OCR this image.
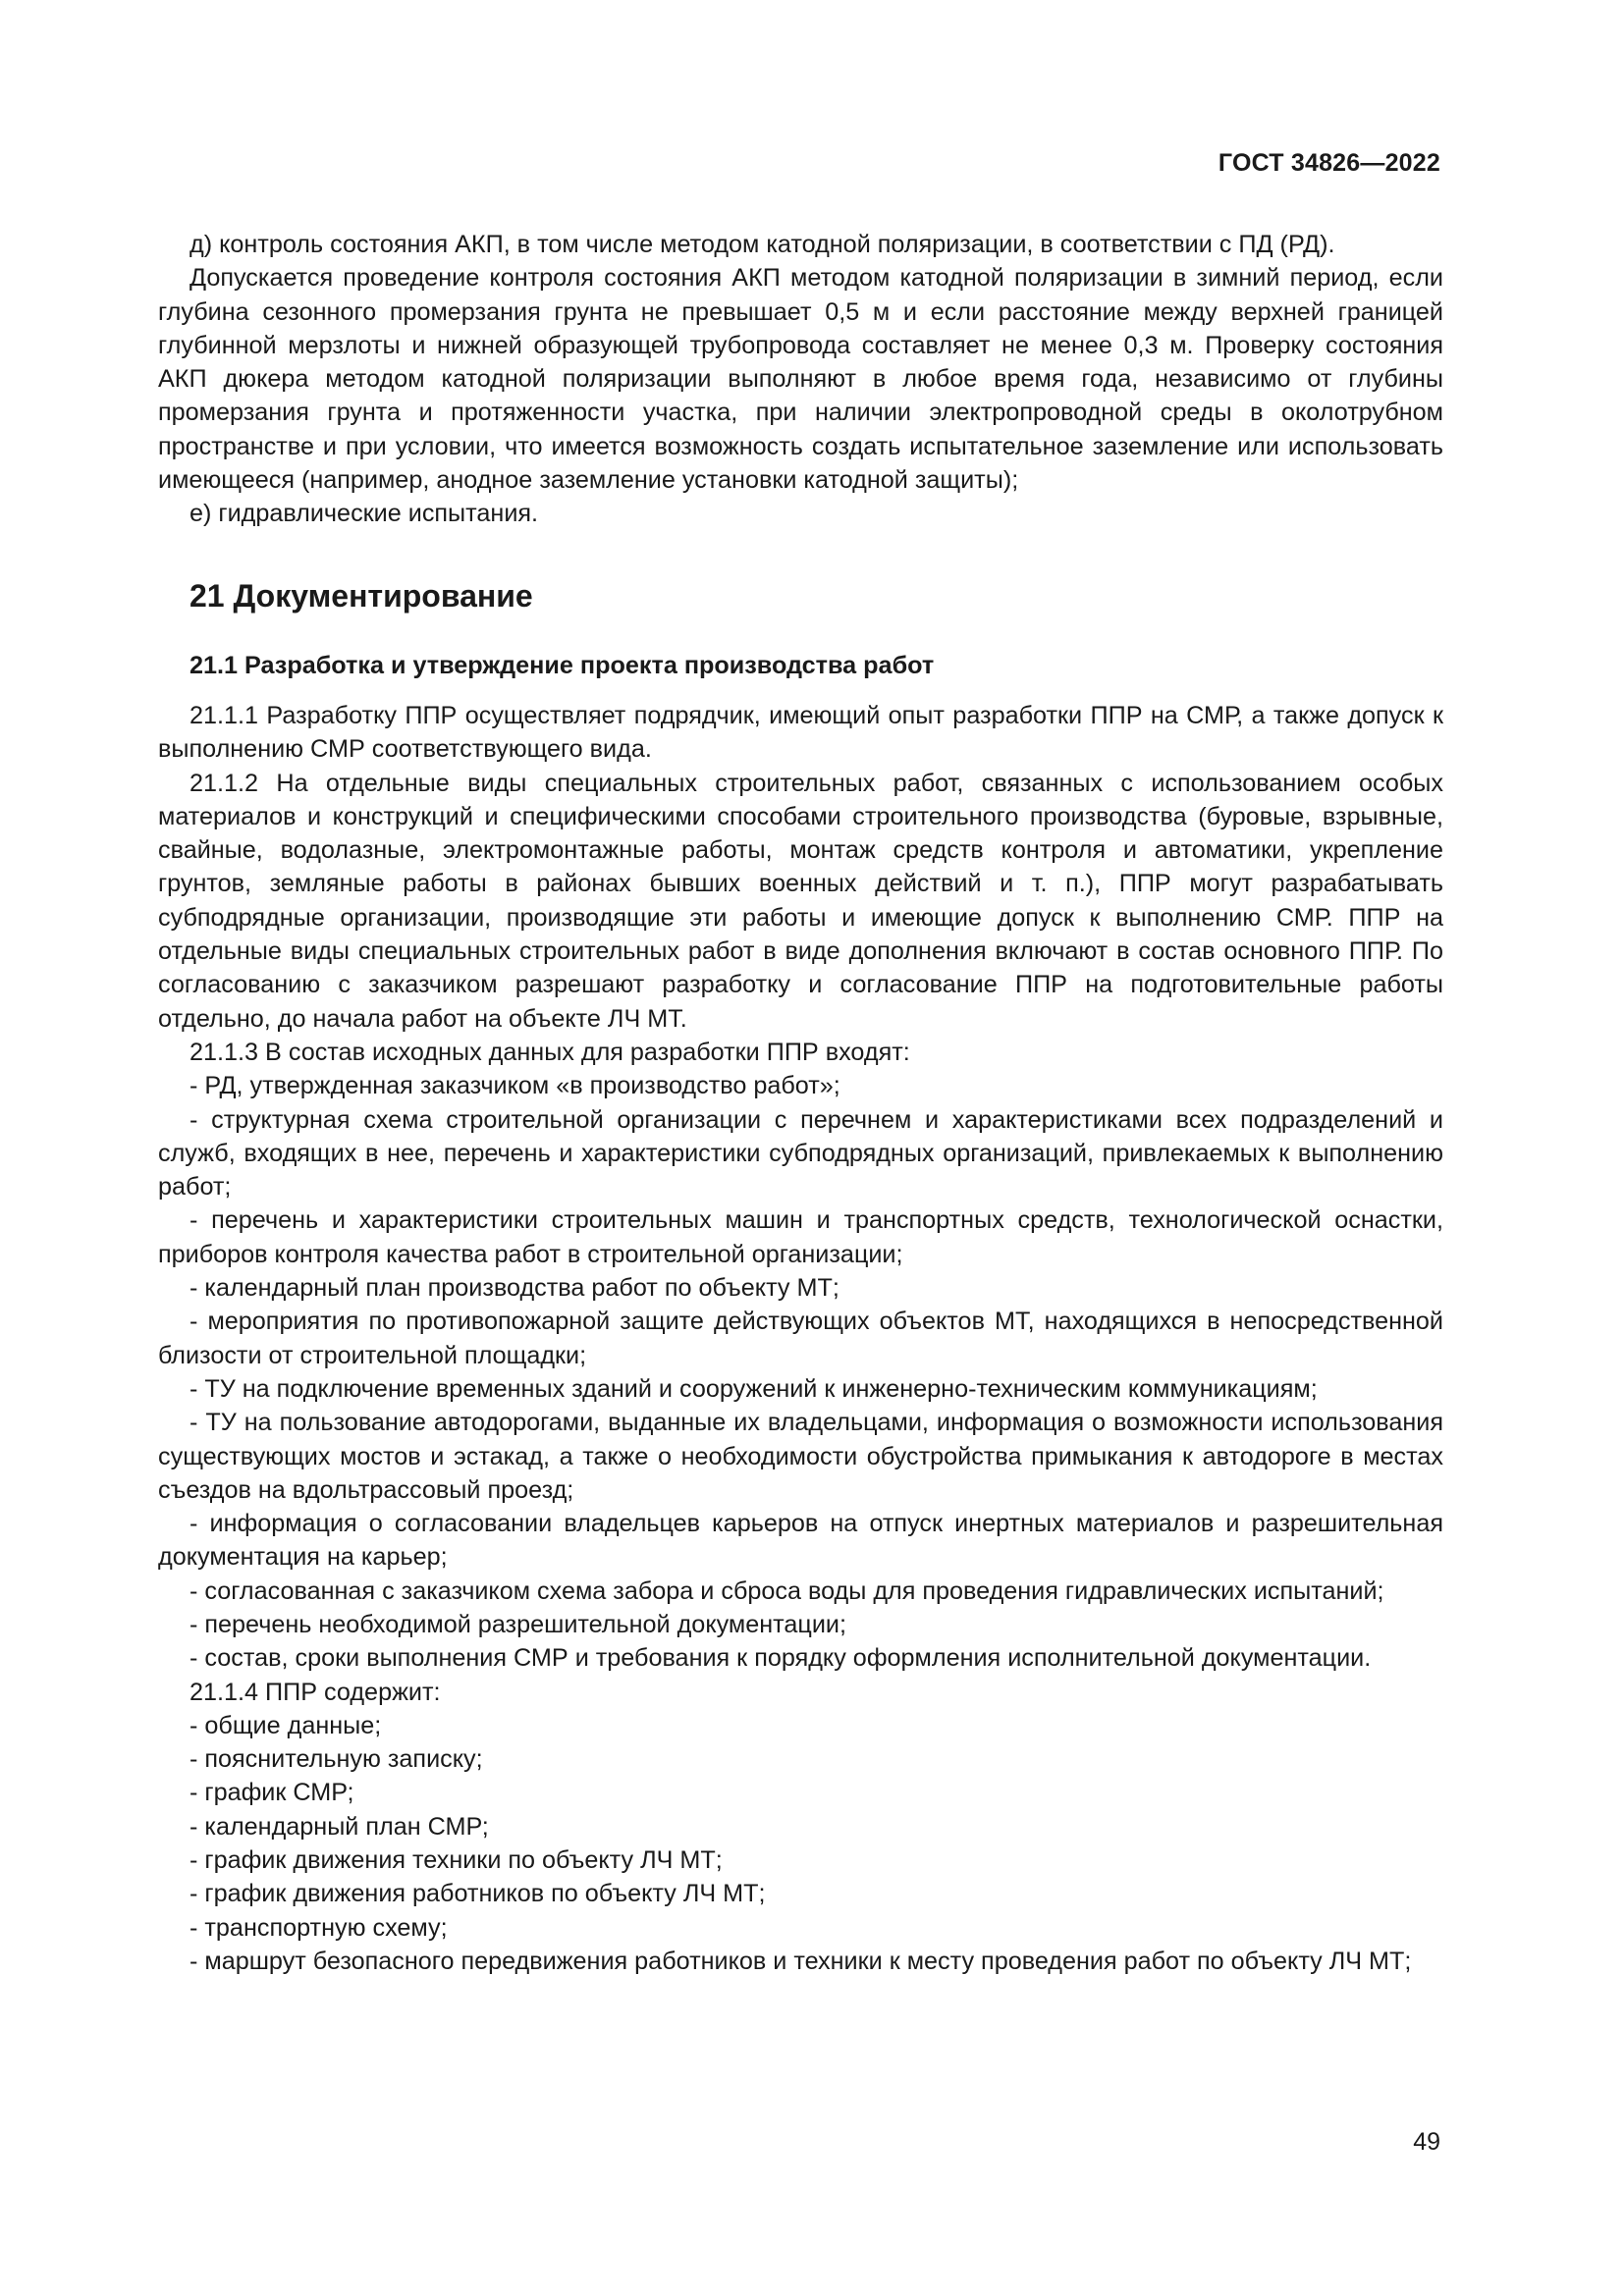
ГОСТ 34826—2022

д) контроль состояния АКП, в том числе методом катодной поляризации, в соответствии с ПД (РД).

Допускается проведение контроля состояния АКП методом катодной поляризации в зимний период, если глубина сезонного промерзания грунта не превышает 0,5 м и если расстояние между верхней границей глубинной мерзлоты и нижней образующей трубопровода составляет не менее 0,3 м. Проверку состояния АКП дюкера методом катодной поляризации выполняют в любое время года, независимо от глубины промерзания грунта и протяженности участка, при наличии электропроводной среды в околотрубном пространстве и при условии, что имеется возможность создать испытательное заземление или использовать имеющееся (например, анодное заземление установки катодной защиты);

е) гидравлические испытания.

21 Документирование
21.1 Разработка и утверждение проекта производства работ

21.1.1 Разработку ППР осуществляет подрядчик, имеющий опыт разработки ППР на СМР, а также допуск к выполнению СМР соответствующего вида.

21.1.2 На отдельные виды специальных строительных работ, связанных с использованием особых материалов и конструкций и специфическими способами строительного производства (буровые, взрывные, свайные, водолазные, электромонтажные работы, монтаж средств контроля и автоматики, укрепление грунтов, земляные работы в районах бывших военных действий и т. п.), ППР могут разрабатывать субподрядные организации, производящие эти работы и имеющие допуск к выполнению СМР. ППР на отдельные виды специальных строительных работ в виде дополнения включают в состав основного ППР. По согласованию с заказчиком разрешают разработку и согласование ППР на подготовительные работы отдельно, до начала работ на объекте ЛЧ МТ.

21.1.3 В состав исходных данных для разработки ППР входят:

- РД, утвержденная заказчиком «в производство работ»;

- структурная схема строительной организации с перечнем и характеристиками всех подразделений и служб, входящих в нее, перечень и характеристики субподрядных организаций, привлекаемых к выполнению работ;

- перечень и характеристики строительных машин и транспортных средств, технологической оснастки, приборов контроля качества работ в строительной организации;

- календарный план производства работ по объекту МТ;

- мероприятия по противопожарной защите действующих объектов МТ, находящихся в непосредственной близости от строительной площадки;

- ТУ на подключение временных зданий и сооружений к инженерно-техническим коммуникациям;

- ТУ на пользование автодорогами, выданные их владельцами, информация о возможности использования существующих мостов и эстакад, а также о необходимости обустройства примыкания к автодороге в местах съездов на вдольтрассовый проезд;

- информация о согласовании владельцев карьеров на отпуск инертных материалов и разрешительная документация на карьер;

- согласованная с заказчиком схема забора и сброса воды для проведения гидравлических испытаний;

- перечень необходимой разрешительной документации;

- состав, сроки выполнения СМР и требования к порядку оформления исполнительной документации.

21.1.4 ППР содержит:

- общие данные;

- пояснительную записку;

- график СМР;

- календарный план СМР;

- график движения техники по объекту ЛЧ МТ;

- график движения работников по объекту ЛЧ МТ;

- транспортную схему;

- маршрут безопасного передвижения работников и техники к месту проведения работ по объекту ЛЧ МТ;

49
